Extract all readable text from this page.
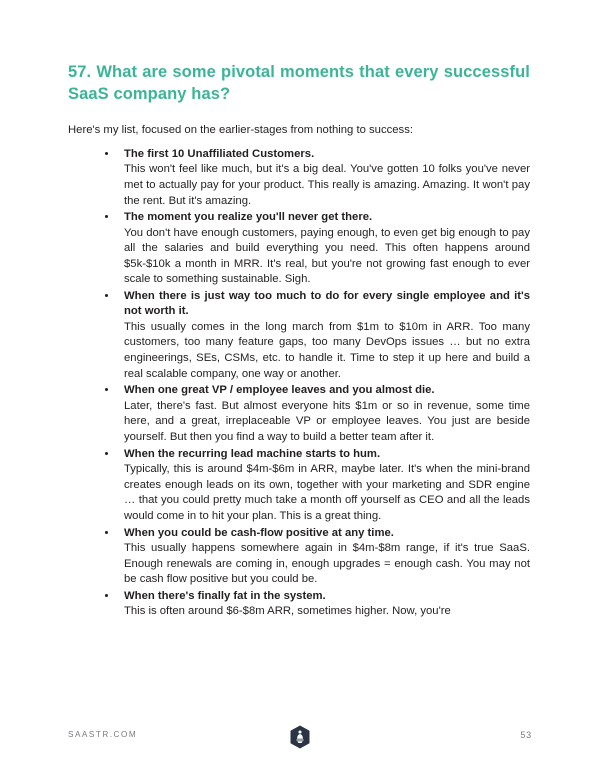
57. What are some pivotal moments that every successful SaaS company has?

Here's my list, focused on the earlier-stages from nothing to success:

The first 10 Unaffiliated Customers.

This won't feel like much, but it's a big deal. You've gotten 10 folks you've never met to actually pay for your product. This really is amazing. Amazing. It won't pay the rent. But it's amazing.

The moment you realize you'll never get there.

You don't have enough customers, paying enough, to even get big enough to pay all the salaries and build everything you need. This often happens around $5k-$10k a month in MRR. It's real, but you're not growing fast enough to ever scale to something sustainable. Sigh.

When there is just way too much to do for every single employee and it's not worth it.

This usually comes in the long march from $1m to $10m in ARR. Too many customers, too many feature gaps, too many DevOps issues … but no extra engineerings, SEs, CSMs, etc. to handle it. Time to step it up here and build a real scalable company, one way or another.

When one great VP / employee leaves and you almost die.

Later, there's fast. But almost everyone hits $1m or so in revenue, some time here, and a great, irreplaceable VP or employee leaves. You just are beside yourself. But then you find a way to build a better team after it.

When the recurring lead machine starts to hum.

Typically, this is around $4m-$6m in ARR, maybe later. It's when the mini-brand creates enough leads on its own, together with your marketing and SDR engine … that you could pretty much take a month off yourself as CEO and all the leads would come in to hit your plan. This is a great thing.

When you could be cash-flow positive at any time.

This usually happens somewhere again in $4m-$8m range, if it's true SaaS. Enough renewals are coming in, enough upgrades = enough cash. You may not be cash flow positive but you could be.

When there's finally fat in the system.

This is often around $6-$8m ARR, sometimes higher. Now, you're

SAASTR.COM	53
